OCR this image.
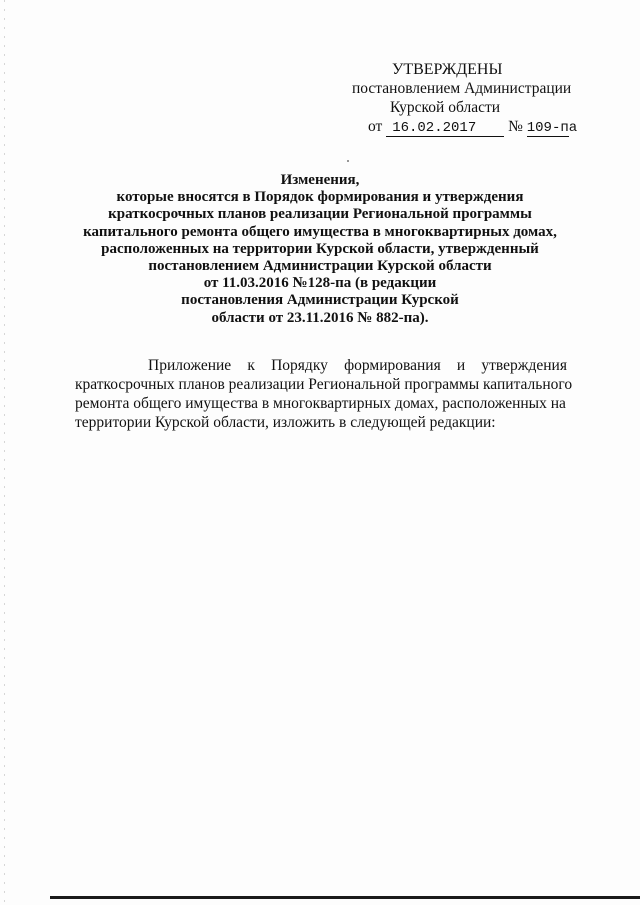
УТВЕРЖДЕНЫ
постановлением Администрации
Курской области
от 16.02.2017 № 109-па
Изменения,
которые вносятся в Порядок формирования и утверждения
краткосрочных планов реализации Региональной программы
капитального ремонта общего имущества в многоквартирных домах,
расположенных на территории Курской области, утвержденный
постановлением Администрации Курской области
от 11.03.2016 №128-па (в редакции
постановления Администрации Курской
области от 23.11.2016 № 882-па).
Приложение к Порядку формирования и утверждения
краткосрочных планов реализации Региональной программы капитального
ремонта общего имущества в многоквартирных домах, расположенных на
территории Курской области, изложить в следующей редакции:
